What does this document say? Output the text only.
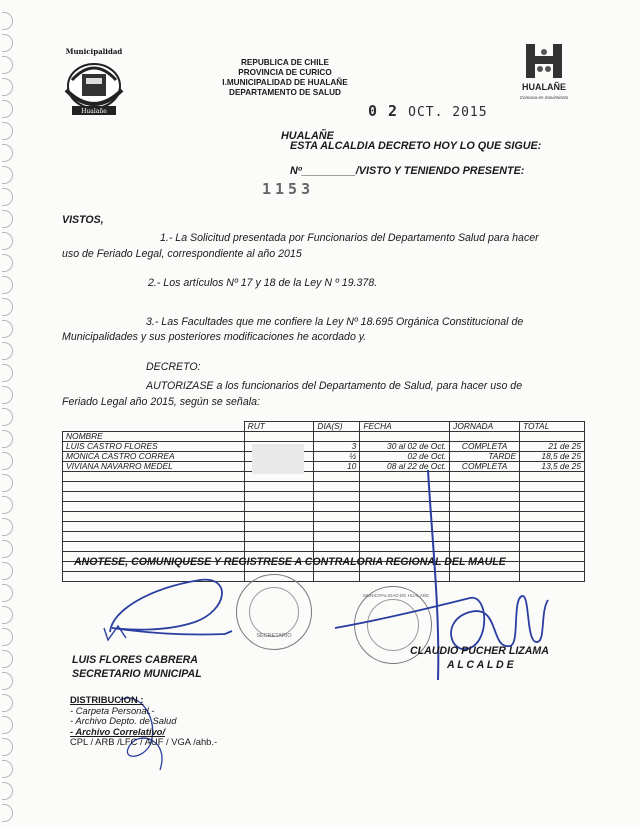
Municipalidad
Hualañe
REPUBLICA DE CHILE
PROVINCIA DE CURICO
I.MUNICIPALIDAD DE HUALAÑE
DEPARTAMENTO DE SALUD
HUALAÑE
Comuna en movimiento
0 2 OCT. 2015
HUALAÑE
ESTA ALCALDIA DECRETO HOY LO QUE SIGUE:
Nº_________/VISTO Y TENIENDO PRESENTE:
1153
VISTOS,
1.- La Solicitud presentada por Funcionarios del Departamento Salud para hacer
uso de Feriado Legal, correspondiente al año 2015
2.- Los artículos Nº 17 y 18 de la Ley N º 19.378.
3.- Las Facultades que me confiere la Ley Nº 18.695 Orgánica Constitucional de
Municipalidades y sus posteriores modificaciones he acordado y.
DECRETO:
AUTORIZASE a los funcionarios del Departamento de Salud, para hacer uso de
Feriado Legal año 2015, según se señala:
	RUT	DIA(S)	FECHA	JORNADA	TOTAL
NOMBRE					
LUIS CASTRO FLORES		3	30 al 02 de Oct.	COMPLETA	21 de 25
MONICA CASTRO CORREA		½	02 de Oct.	TARDE	18,5 de 25
VIVIANA NAVARRO MEDEL		10	08 al 22 de Oct.	COMPLETA	13,5 de 25

ANOTESE, COMUNIQUESE Y REGISTRESE A CONTRALORIA REGIONAL DEL MAULE
SECRETARIO
MUNICIPALIDAD DE HUALAÑE
LUIS FLORES CABRERA
SECRETARIO MUNICIPAL
CLAUDIO PUCHER LIZAMA
A L C A L D E
DISTRIBUCION :
- Carpeta Personal.-
- Archivo Depto. de Salud
- Archivo Correlativo/
CPL / ARB /LFC / AUF / VGA /ahb.-
